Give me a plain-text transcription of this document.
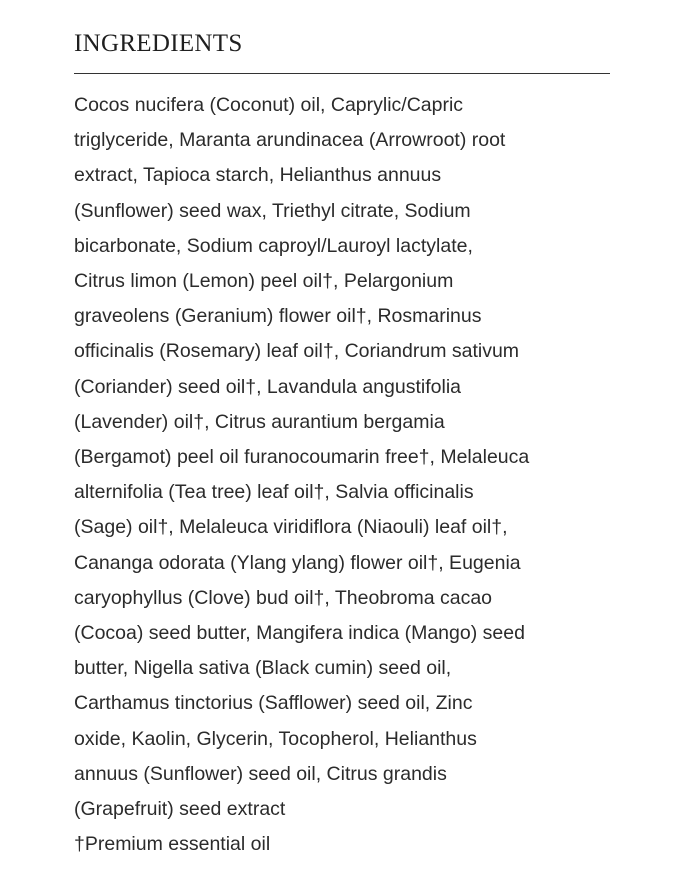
INGREDIENTS

Cocos nucifera (Coconut) oil, Caprylic/Capric
triglyceride, Maranta arundinacea (Arrowroot) root
extract, Tapioca starch, Helianthus annuus
(Sunflower) seed wax, Triethyl citrate, Sodium
bicarbonate, Sodium caproyl/Lauroyl lactylate,
Citrus limon (Lemon) peel oil†, Pelargonium
graveolens (Geranium) flower oil†, Rosmarinus
officinalis (Rosemary) leaf oil†, Coriandrum sativum
(Coriander) seed oil†, Lavandula angustifolia
(Lavender) oil†, Citrus aurantium bergamia
(Bergamot) peel oil furanocoumarin free†, Melaleuca
alternifolia (Tea tree) leaf oil†, Salvia officinalis
(Sage) oil†, Melaleuca viridiflora (Niaouli) leaf oil†,
Cananga odorata (Ylang ylang) flower oil†, Eugenia
caryophyllus (Clove) bud oil†, Theobroma cacao
(Cocoa) seed butter, Mangifera indica (Mango) seed
butter, Nigella sativa (Black cumin) seed oil,
Carthamus tinctorius (Safflower) seed oil, Zinc
oxide, Kaolin, Glycerin, Tocopherol, Helianthus
annuus (Sunflower) seed oil, Citrus grandis
(Grapefruit) seed extract

†Premium essential oil
